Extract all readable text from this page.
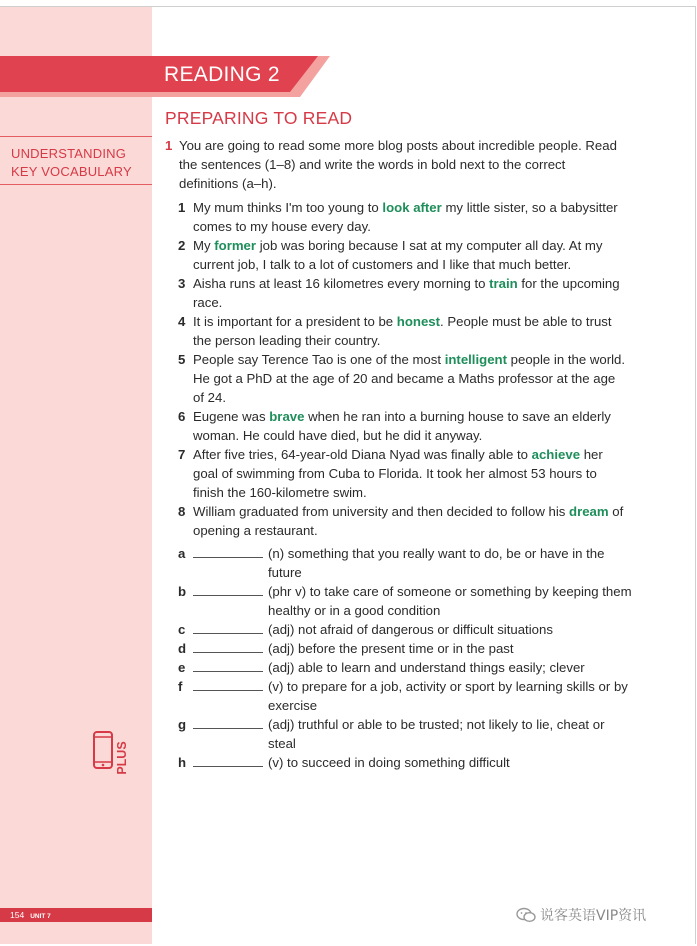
UNDERSTANDING
KEY VOCABULARY
READING 2
PREPARING TO READ
1 You are going to read some more blog posts about incredible people. Read the sentences (1–8) and write the words in bold next to the correct definitions (a–h).

1 My mum thinks I'm too young to look after my little sister, so a babysitter comes to my house every day.

2 My former job was boring because I sat at my computer all day. At my current job, I talk to a lot of customers and I like that much better.

3 Aisha runs at least 16 kilometres every morning to train for the upcoming race.

4 It is important for a president to be honest. People must be able to trust the person leading their country.

5 People say Terence Tao is one of the most intelligent people in the world. He got a PhD at the age of 20 and became a Maths professor at the age of 24.

6 Eugene was brave when he ran into a burning house to save an elderly woman. He could have died, but he did it anyway.

7 After five tries, 64-year-old Diana Nyad was finally able to achieve her goal of swimming from Cuba to Florida. It took her almost 53 hours to finish the 160-kilometre swim.

8 William graduated from university and then decided to follow his dream of opening a restaurant.

a	(n) something that you really want to do, be or have in the future
b	(phr v) to take care of someone or something by keeping them healthy or in a good condition
c	(adj) not afraid of dangerous or difficult situations
d	(adj) before the present time or in the past
e	(adj) able to learn and understand things easily; clever
f	(v) to prepare for a job, activity or sport by learning skills or by exercise
g	(adj) truthful or able to be trusted; not likely to lie, cheat or steal
h	(v) to succeed in doing something difficult
PLUS
154 UNIT 7	说客英语VIP资讯
